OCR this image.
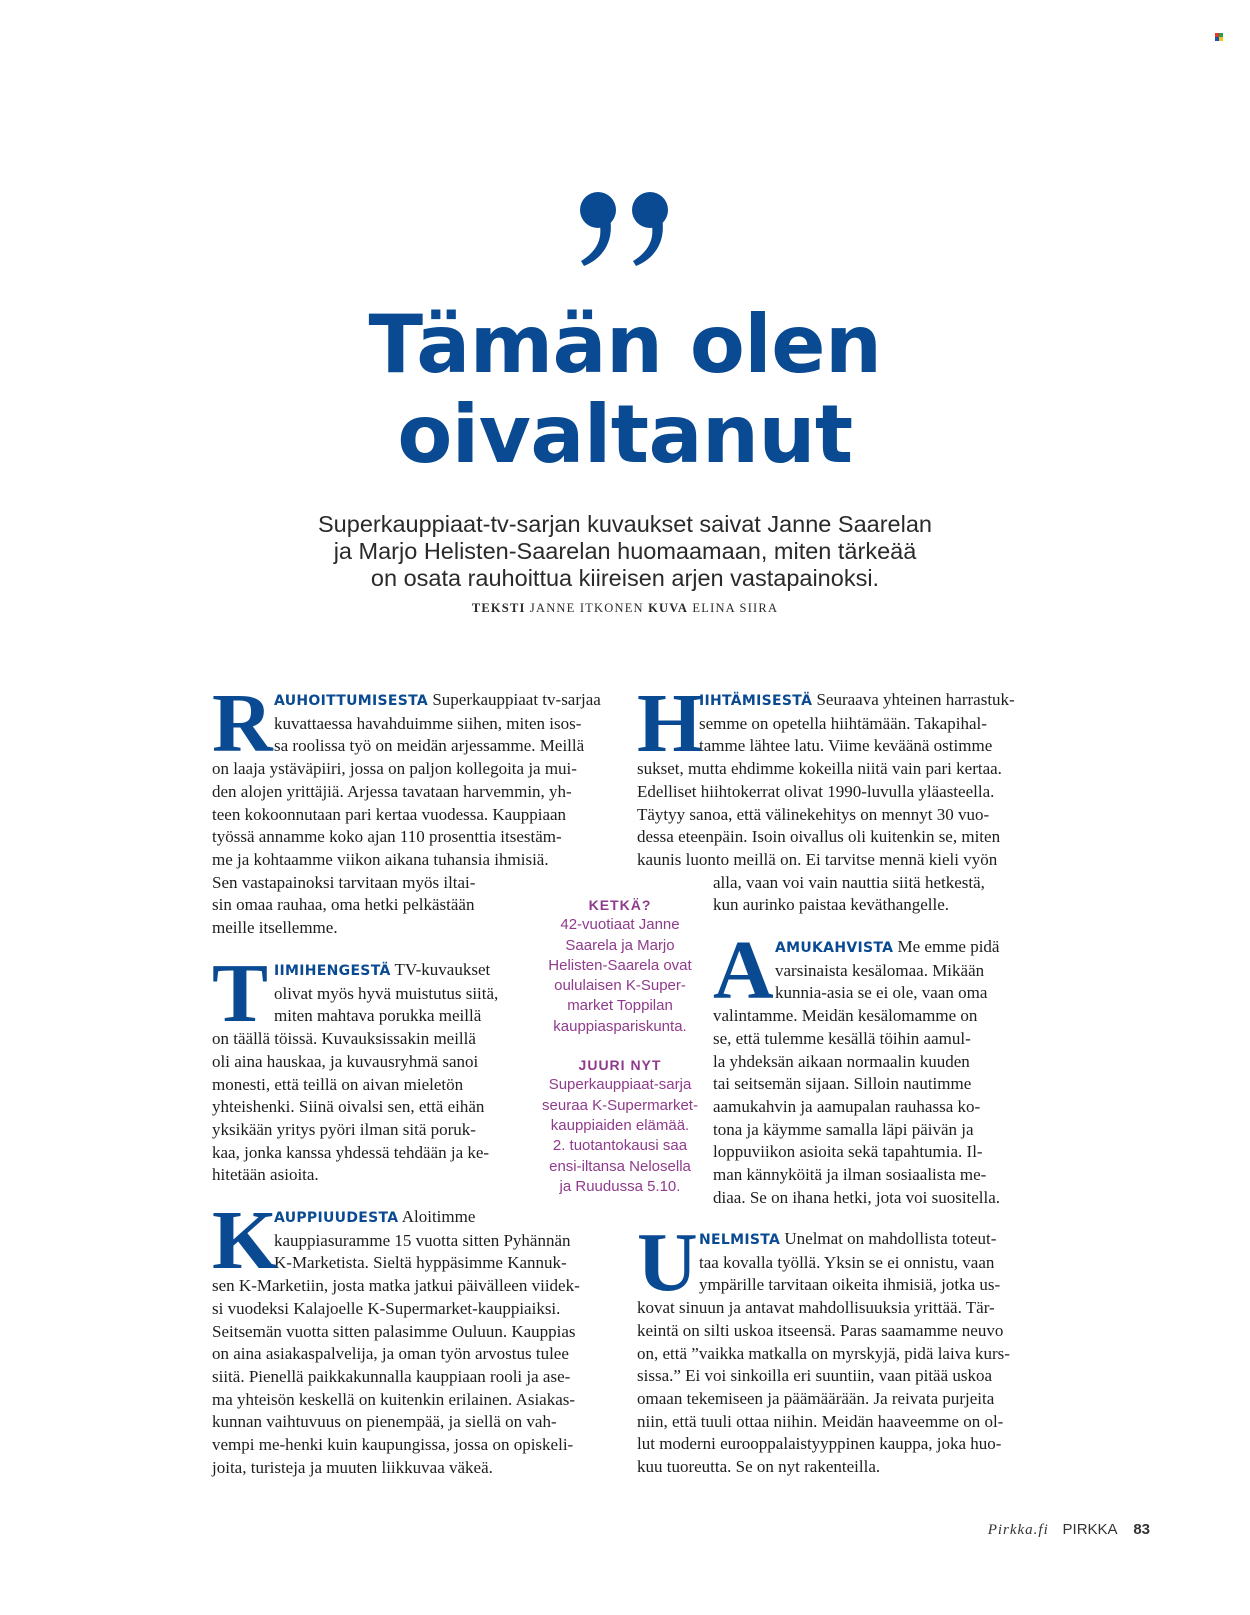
Tämän olen
oivaltanut
Superkauppiaat-tv-sarjan kuvaukset saivat Janne Saarelan
ja Marjo Helisten-Saarelan huomaamaan, miten tärkeää
on osata rauhoittua kiireisen arjen vastapainoksi.
TEKSTI JANNE ITKONEN KUVA ELINA SIIRA
R AUHOITTUMISESTA Superkauppiaat tv-sarjaa
kuvattaessa havahduimme siihen, miten isos-
sa roolissa työ on meidän arjessamme. Meillä
on laaja ystäväpiiri, jossa on paljon kollegoita ja mui-
den alojen yrittäjiä. Arjessa tavataan harvemmin, yh-
teen kokoonnutaan pari kertaa vuodessa. Kauppiaan
työssä annamme koko ajan 110 prosenttia itsestäm-
me ja kohtaamme viikon aikana tuhansia ihmisiä.
Sen vastapainoksi tarvitaan myös iltai-
sin omaa rauhaa, oma hetki pelkästään
meille itsellemme.
T IIMIHENGESTÄ TV-kuvaukset
olivat myös hyvä muistutus siitä,
miten mahtava porukka meillä
on täällä töissä. Kuvauksissakin meillä
oli aina hauskaa, ja kuvausryhmä sanoi
monesti, että teillä on aivan mieletön
yhteishenki. Siinä oivalsi sen, että eihän
yksikään yritys pyöri ilman sitä poruk-
kaa, jonka kanssa yhdessä tehdään ja ke-
hitetään asioita.
K
AUPPIUUDESTA Aloitimme
kauppiasuramme 15 vuotta sitten Pyhännän
K-Marketista. Sieltä hyppäsimme Kannuk-
sen K-Marketiin, josta matka jatkui päivälleen viidek-
si vuodeksi Kalajoelle K-Supermarket-kauppiaiksi.
Seitsemän vuotta sitten palasimme Ouluun. Kauppias
on aina asiakaspalvelija, ja oman työn arvostus tulee
siitä. Pienellä paikkakunnalla kauppiaan rooli ja ase-
ma yhteisön keskellä on kuitenkin erilainen. Asiakas-
kunnan vaihtuvuus on pienempää, ja siellä on vah-
vempi me-henki kuin kaupungissa, jossa on opiskeli-
joita, turisteja ja muuten liikkuvaa väkeä.
H
IIHTÄMISESTÄ Seuraava yhteinen harrastuk-
semme on opetella hiihtämään. Takapihal-
tamme lähtee latu. Viime keväänä ostimme
sukset, mutta ehdimme kokeilla niitä vain pari kertaa.
Edelliset hiihtokerrat olivat 1990-luvulla yläasteella.
Täytyy sanoa, että välinekehitys on mennyt 30 vuo-
dessa eteenpäin. Isoin oivallus oli kuitenkin se, miten
kaunis luonto meillä on. Ei tarvitse mennä kieli vyön
alla, vaan voi vain nauttia siitä hetkestä,
kun aurinko paistaa keväthangelle.
A AMUKAHVISTA Me emme pidä
varsinaista kesälomaa. Mikään
kunnia-asia se ei ole, vaan oma
valintamme. Meidän kesälomamme on
se, että tulemme kesällä töihin aamul-
la yhdeksän aikaan normaalin kuuden
tai seitsemän sijaan. Silloin nautimme
aamukahvin ja aamupalan rauhassa ko-
tona ja käymme samalla läpi päivän ja
loppuviikon asioita sekä tapahtumia. Il-
man kännyköitä ja ilman sosiaalista me-
diaa. Se on ihana hetki, jota voi suositella.
U NELMISTA Unelmat on mahdollista toteut-
taa kovalla työllä. Yksin se ei onnistu, vaan
ympärille tarvitaan oikeita ihmisiä, jotka us-
kovat sinuun ja antavat mahdollisuuksia yrittää. Tär-
keintä on silti uskoa itseensä. Paras saamamme neuvo
on, että ”vaikka matkalla on myrskyjä, pidä laiva kurs-
sissa.” Ei voi sinkoilla eri suuntiin, vaan pitää uskoa
omaan tekemiseen ja päämäärään. Ja reivata purjeita
niin, että tuuli ottaa niihin. Meidän haaveemme on ol-
lut moderni eurooppalaistyyppinen kauppa, joka huo-
kuu tuoreutta. Se on nyt rakenteilla.
KETKÄ?
42-vuotiaat Janne
Saarela ja Marjo
Helisten-Saarela ovat
oululaisen K-Super-
market Toppilan
kauppiaspariskunta.
JUURI NYT
Superkauppiaat-sarja
seuraa K-Supermarket-
kauppiaiden elämää.
2. tuotantokausi saa
ensi-iltansa Nelosella
ja Ruudussa 5.10.
Pirkka.fi PIRKKA 83
